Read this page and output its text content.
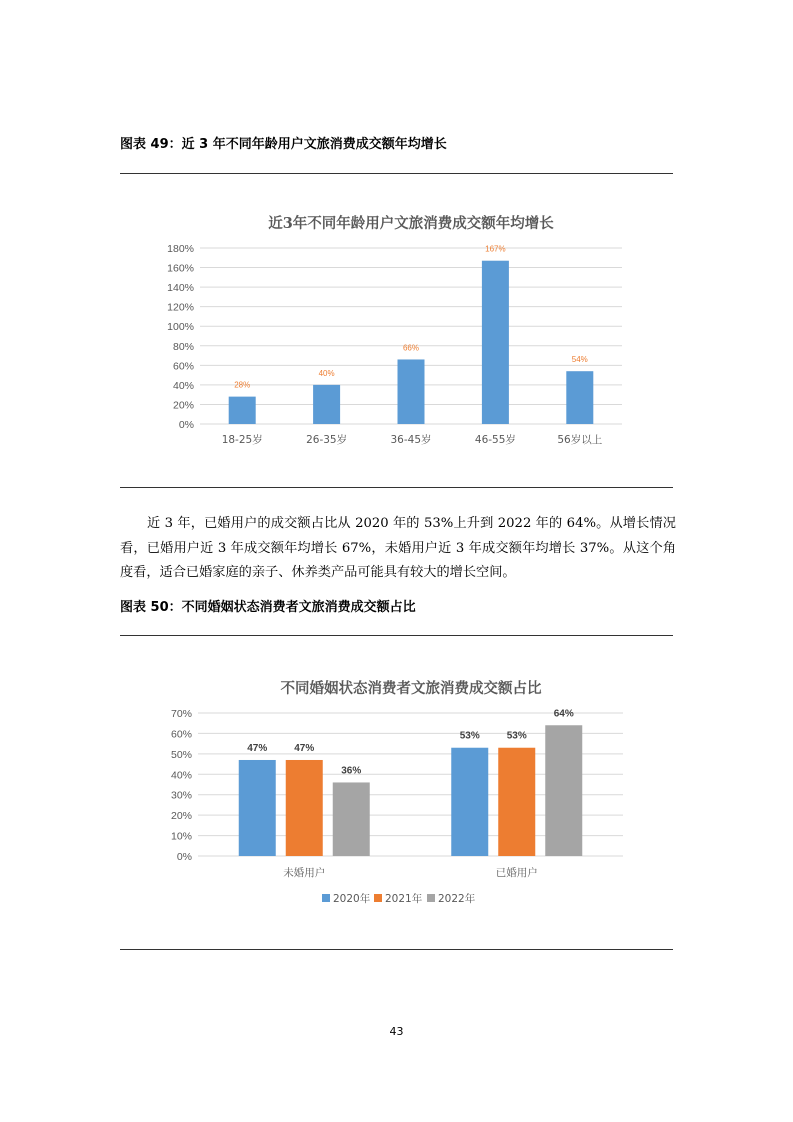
图表 49：近 3 年不同年龄用户文旅消费成交额年均增长
近3年不同年龄用户文旅消费成交额年均增长
0%
20%
40%
60%
80%
100%
120%
140%
160%
180%
28%
18-25岁
40%
26-35岁
66%
36-45岁
167%
46-55岁
54%
56岁以上
不同婚姻状态消费者文旅消费成交额占比
0%
10%
20%
30%
40%
50%
60%
70%
47%	47%
36%
未婚用户
53%	53%
64%
已婚用户
2020年 2021年 2022年
近 3 年，已婚用户的成交额占比从 2020 年的 53%上升到 2022 年的 64%。从增长情况看，已婚用户近 3 年成交额年均增长 67%，未婚用户近 3 年成交额年均增长 37%。从这个角度看，适合已婚家庭的亲子、休养类产品可能具有较大的增长空间。
图表 50：不同婚姻状态消费者文旅消费成交额占比
43
